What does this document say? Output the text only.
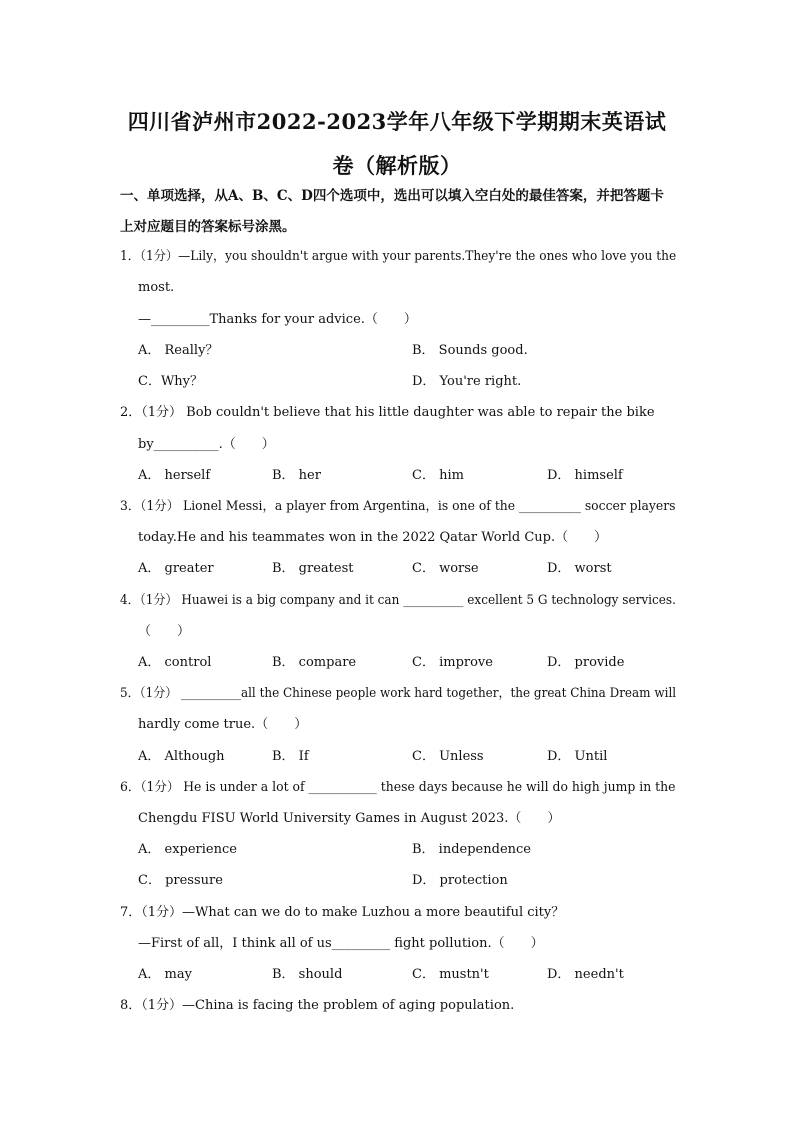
四川省泸州市2022-2023学年八年级下学期期末英语试卷（解析版）
一、单项选择，从A、B、C、D四个选项中，选出可以填入空白处的最佳答案，并把答题卡上对应题目的答案标号涂黑。
1．（1分）—Lily，you shouldn't argue with your parents.They're the ones who love you the
most.
—_________Thanks for your advice.（　　）
A． Really？	B． Sounds good.
C．Why？	D． You're right.
2．（1分） Bob couldn't believe that his little daughter was able to repair the bike
by__________.（　　）
A． herself	B． her	C． him	D． himself
3．（1分） Lionel Messi，a player from Argentina，is one of the __________ soccer players
today.He and his teammates won in the 2022 Qatar World Cup.（　　）
A． greater	B． greatest	C． worse	D． worst
4．（1分） Huawei is a big company and it can __________ excellent 5 G technology services.
（　　）
A． control	B． compare	C． improve	D． provide
5．（1分） __________all the Chinese people work hard together，the great China Dream will
hardly come true.（　　）
A． Although	B． If	C． Unless	D． Until
6．（1分） He is under a lot of ___________ these days because he will do high jump in the
Chengdu FISU World University Games in August 2023.（　　）
A． experience	B． independence
C． pressure	D． protection
7．（1分）—What can we do to make Luzhou a more beautiful city？
—First of all，I think all of us_________ fight pollution.（　　）
A． may	B． should	C． mustn't	D． needn't
8．（1分）—China is facing the problem of aging population.
